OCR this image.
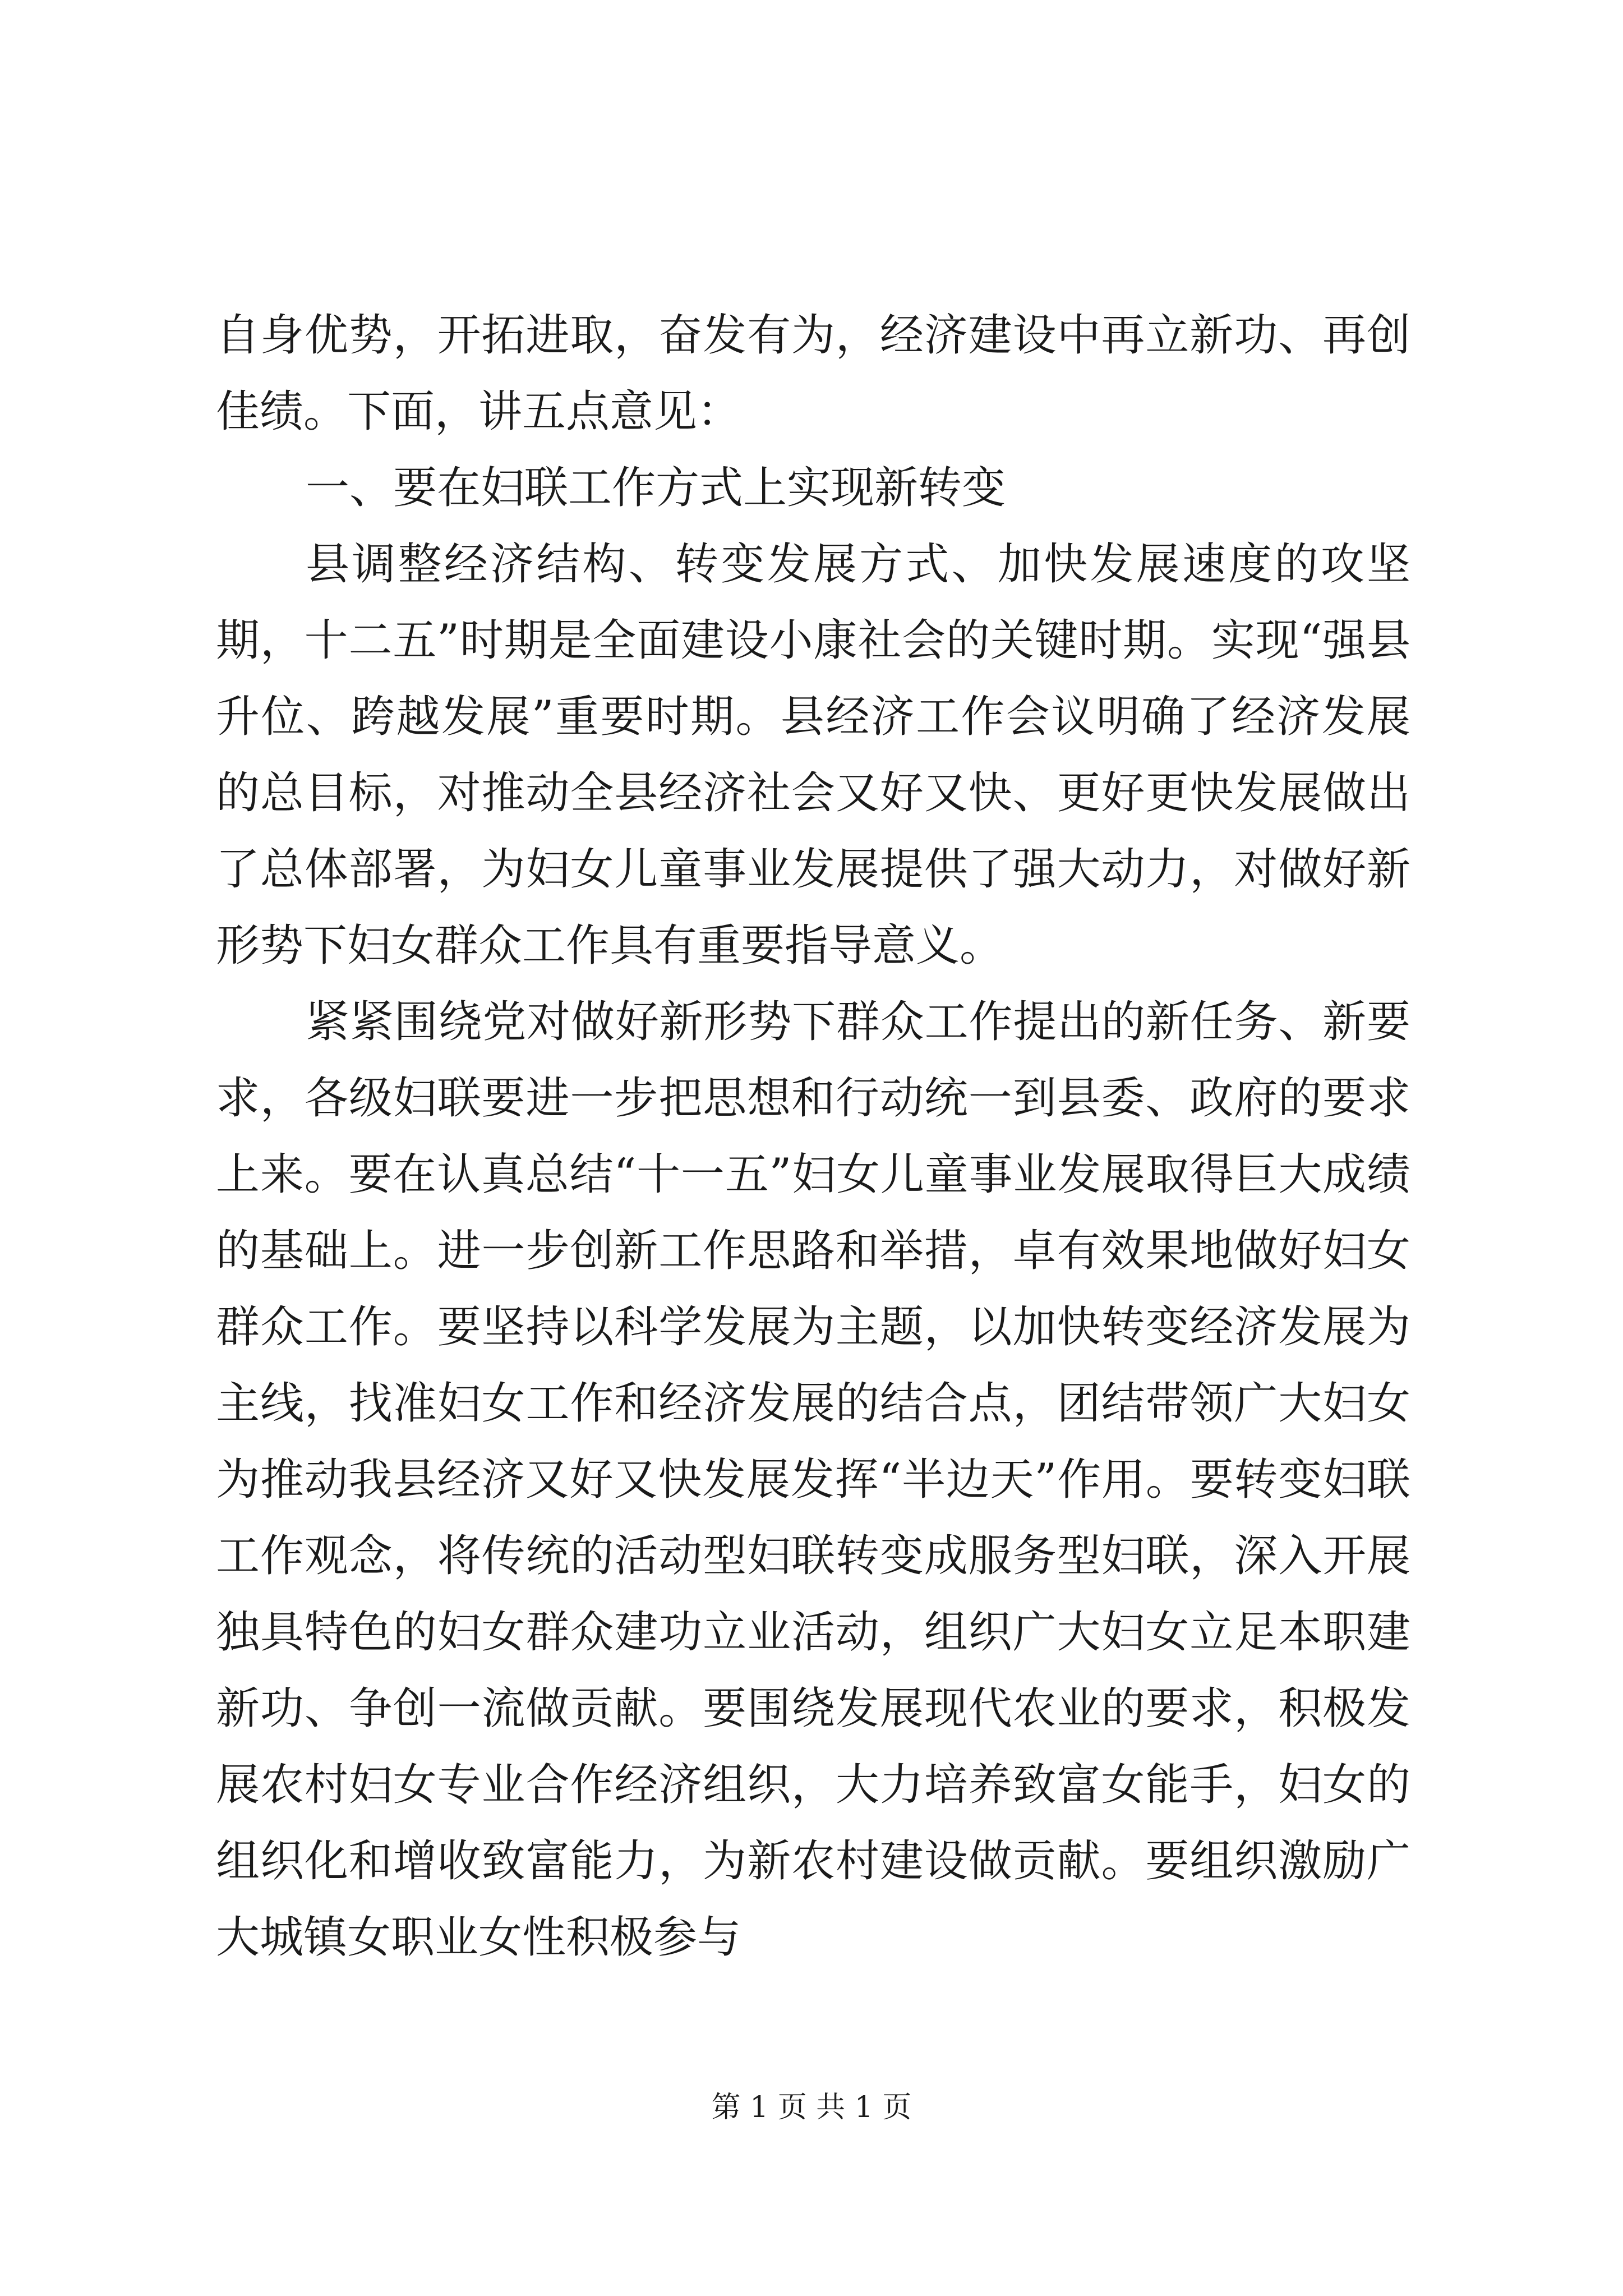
自身优势，开拓进取，奋发有为，经济建设中再立新功、再创佳绩。下面，讲五点意见：

一、要在妇联工作方式上实现新转变

县调整经济结构、转变发展方式、加快发展速度的攻坚期，十二五”时期是全面建设小康社会的关键时期。实现“强县升位、跨越发展”重要时期。县经济工作会议明确了经济发展的总目标，对推动全县经济社会又好又快、更好更快发展做出了总体部署，为妇女儿童事业发展提供了强大动力，对做好新形势下妇女群众工作具有重要指导意义。

紧紧围绕党对做好新形势下群众工作提出的新任务、新要求，各级妇联要进一步把思想和行动统一到县委、政府的要求上来。要在认真总结“十一五”妇女儿童事业发展取得巨大成绩的基础上。进一步创新工作思路和举措，卓有效果地做好妇女群众工作。要坚持以科学发展为主题，以加快转变经济发展为主线，找准妇女工作和经济发展的结合点，团结带领广大妇女为推动我县经济又好又快发展发挥“半边天”作用。要转变妇联工作观念，将传统的活动型妇联转变成服务型妇联，深入开展独具特色的妇女群众建功立业活动，组织广大妇女立足本职建新功、争创一流做贡献。要围绕发展现代农业的要求，积极发展农村妇女专业合作经济组织，大力培养致富女能手，妇女的组织化和增收致富能力，为新农村建设做贡献。要组织激励广大城镇女职业女性积极参与

第 1 页 共 1 页
